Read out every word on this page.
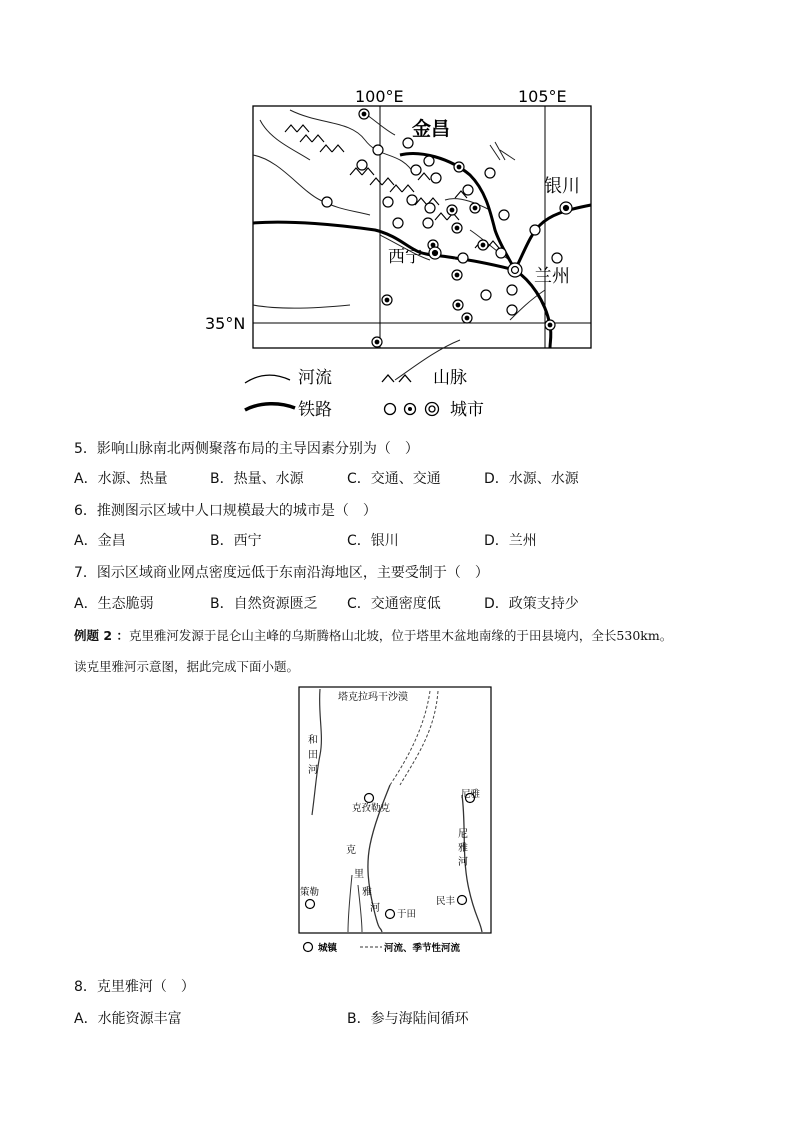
100°E	105°E
35°N
金昌
银川
西宁
兰州
河流	山脉
铁路	城市
5．影响山脉南北两侧聚落布局的主导因素分别为（　）
A．水源、热量	B．热量、水源	C．交通、交通	D．水源、水源
6．推测图示区域中人口规模最大的城市是（　）
A．金昌	B．西宁	C．银川	D．兰州
7．图示区域商业网点密度远低于东南沿海地区，主要受制于（　）
A．生态脆弱	B．自然资源匮乏 C．交通密度低	D．政策支持少
例题 2 ：克里雅河发源于昆仑山主峰的乌斯腾格山北坡，位于塔里木盆地南缘的于田县境内，全长530km。
读克里雅河示意图，据此完成下面小题。
塔克拉玛干沙漠
和
田
河
克孜勒克
克
里
雅
河
尼雅
尼
雅
河
策勒
民丰
于田
城镇	河流、季节性河流
8．克里雅河（　）
A．水能资源丰富	B．参与海陆间循环
